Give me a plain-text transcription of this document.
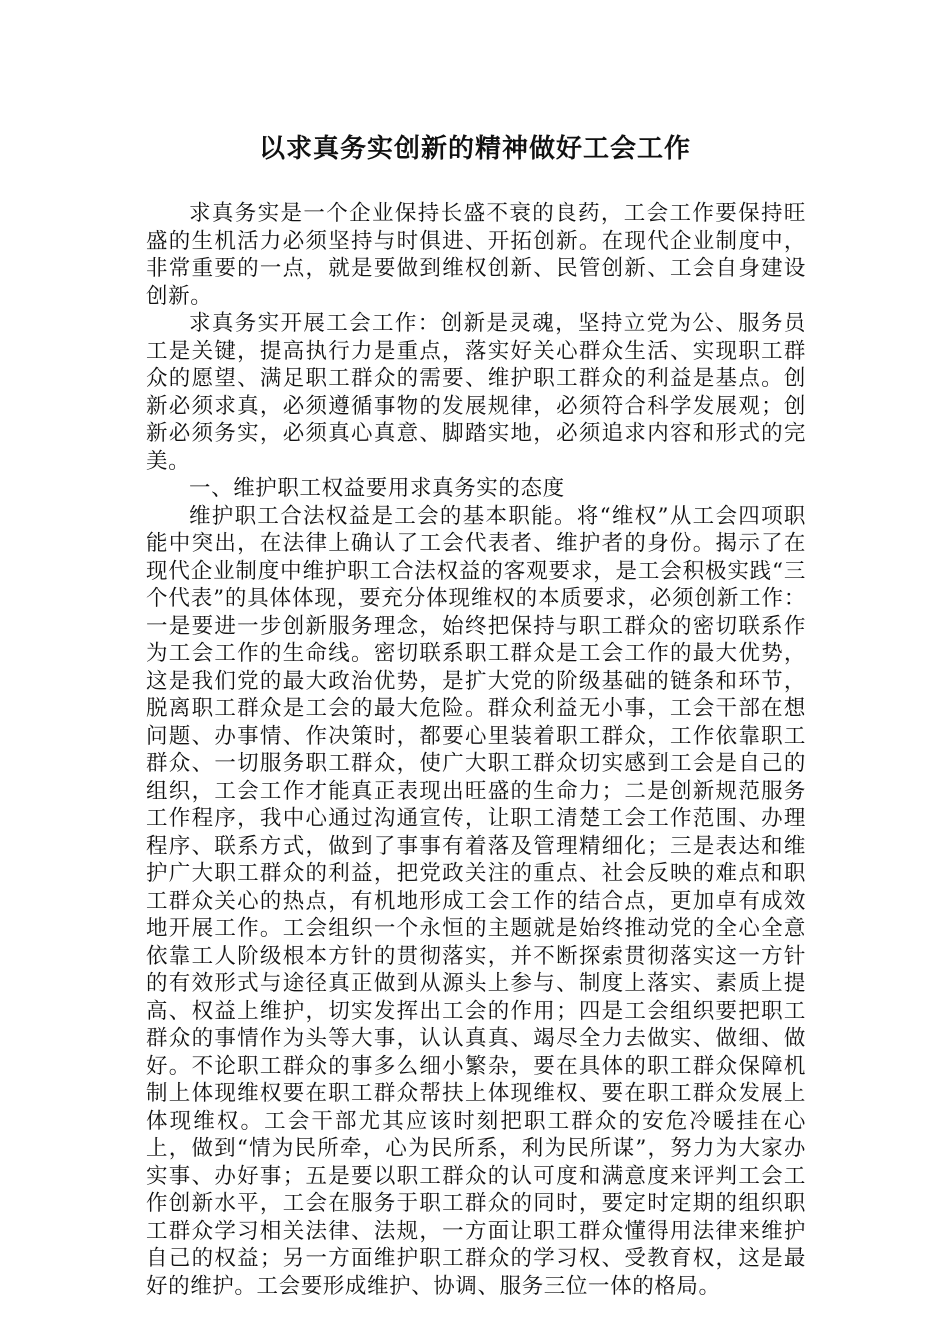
以求真务实创新的精神做好工会工作

求真务实是一个企业保持长盛不衰的良药，工会工作要保持旺盛的生机活力必须坚持与时俱进、开拓创新。在现代企业制度中，非常重要的一点，就是要做到维权创新、民管创新、工会自身建设创新。

求真务实开展工会工作：创新是灵魂，坚持立党为公、服务员工是关键，提高执行力是重点，落实好关心群众生活、实现职工群众的愿望、满足职工群众的需要、维护职工群众的利益是基点。创新必须求真，必须遵循事物的发展规律，必须符合科学发展观；创新必须务实，必须真心真意、脚踏实地，必须追求内容和形式的完美。

一、维护职工权益要用求真务实的态度

维护职工合法权益是工会的基本职能。将“维权”从工会四项职能中突出，在法律上确认了工会代表者、维护者的身份。揭示了在现代企业制度中维护职工合法权益的客观要求，是工会积极实践“三个代表”的具体体现，要充分体现维权的本质要求，必须创新工作：一是要进一步创新服务理念，始终把保持与职工群众的密切联系作为工会工作的生命线。密切联系职工群众是工会工作的最大优势，这是我们党的最大政治优势，是扩大党的阶级基础的链条和环节，脱离职工群众是工会的最大危险。群众利益无小事，工会干部在想问题、办事情、作决策时，都要心里装着职工群众，工作依靠职工群众、一切服务职工群众，使广大职工群众切实感到工会是自己的组织，工会工作才能真正表现出旺盛的生命力；二是创新规范服务工作程序，我中心通过沟通宣传，让职工清楚工会工作范围、办理程序、联系方式，做到了事事有着落及管理精细化；三是表达和维护广大职工群众的利益，把党政关注的重点、社会反映的难点和职工群众关心的热点，有机地形成工会工作的结合点，更加卓有成效地开展工作。工会组织一个永恒的主题就是始终推动党的全心全意依靠工人阶级根本方针的贯彻落实，并不断探索贯彻落实这一方针的有效形式与途径真正做到从源头上参与、制度上落实、素质上提高、权益上维护，切实发挥出工会的作用；四是工会组织要把职工群众的事情作为头等大事，认认真真、竭尽全力去做实、做细、做好。不论职工群众的事多么细小繁杂，要在具体的职工群众保障机制上体现维权要在职工群众帮扶上体现维权、要在职工群众发展上体现维权。工会干部尤其应该时刻把职工群众的安危冷暖挂在心上，做到“情为民所牵，心为民所系，利为民所谋”，努力为大家办实事、办好事；五是要以职工群众的认可度和满意度来评判工会工作创新水平，工会在服务于职工群众的同时，要定时定期的组织职工群众学习相关法律、法规，一方面让职工群众懂得用法律来维护自己的权益；另一方面维护职工群众的学习权、受教育权，这是最好的维护。工会要形成维护、协调、服务三位一体的格局。
